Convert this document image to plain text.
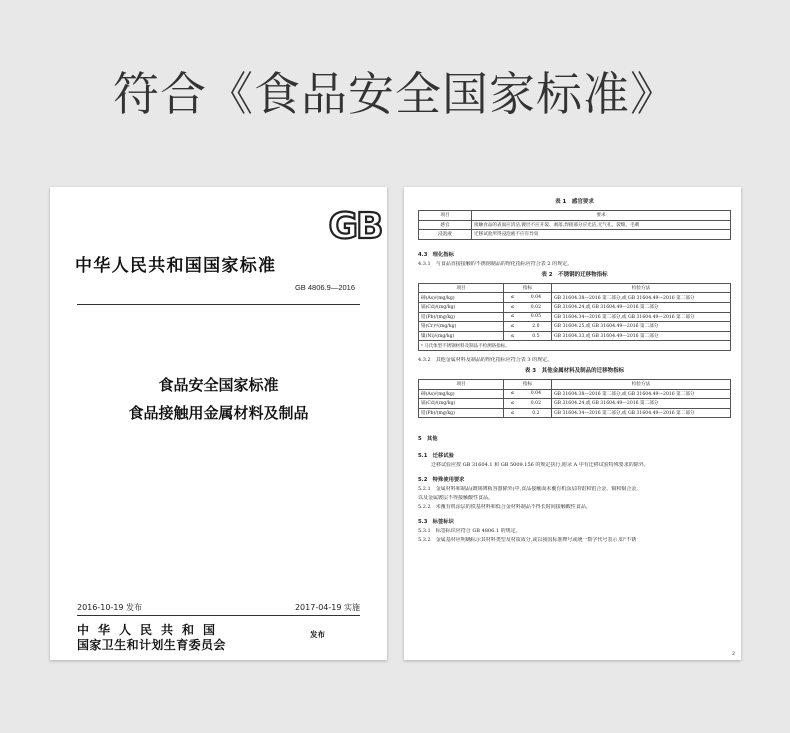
符合《食品安全国家标准》
GB
中华人民共和国国家标准
GB 4806.9—2016
食品安全国家标准
食品接触用金属材料及制品
2016-10-19 发布	2017-04-19 实施
中华人民共和国
国家卫生和计划生育委员会
发布
表 1　感官要求
项目	要求
感官	接触食品的表面应清洁,镀层不应开裂、剥落,焊接部分应光洁,无气孔、裂缝、毛刺
浸泡液	迁移试验所得浸泡液不应有异臭
4.3　理化指标
4.3.1　与食品直接接触的不锈钢制品的理化指标应符合表 2 的规定。
表 2　不锈钢的迁移物指标
项目	指标		检验方法
砷(As)/(mg/kg)	≤	0.04	GB 31604.38—2016 第二部分,或 GB 31604.49—2016 第二部分
镉(Cd)/(mg/kg)	≤	0.02	GB 31604.24,或 GB 31604.49—2016 第二部分
铅(Pb)/(mg/kg)	≤	0.05	GB 31604.34—2016 第二部分,或 GB 31604.49—2016 第二部分
铬(Cr)ᵃ/(mg/kg)	≤	2.0	GB 31604.25,或 GB 31604.49—2016 第二部分
镍(Ni)/(mg/kg)	≤	0.5	GB 31604.33,或 GB 31604.49—2016 第二部分
ᵃ 马氏体型不锈钢材料及制品不检测铬指标。			
4.3.2　其他金属材料及制品的理化指标应符合表 3 的规定。
表 3　其他金属材料及制品的迁移物指标
项目	指标		检验方法
砷(As)/(mg/kg)	≤	0.04	GB 31604.38—2016 第二部分,或 GB 31604.49—2016 第二部分
镉(Cd)/(mg/kg)	≤	0.02	GB 31604.24,或 GB 31604.49—2016 第二部分
铅(Pb)/(mg/kg)	≤	0.2	GB 31604.34—2016 第二部分,或 GB 31604.49—2016 第二部分
5　其他
5.1　迁移试验
迁移试验应按 GB 31604.1 和 GB 5009.156 的规定执行,附录 A 中有迁移试验特殊要求的除外。
5.2　特殊使用要求
5.2.1　金属材料和制品(镀锡薄板容器除外)中,食品接触面未覆有机涂层的铝和铝合金、铜和铜合金,
以及金属镀层不得接触酸性食品。
5.2.2　未覆有机涂层的铁基材料和低合金材料制品不得长时间接触酸性食品。
5.3　标签标识
5.3.1　标签标识应符合 GB 4806.1 的规定。
5.3.2　金属基材应明确标示其材料类型及材质成分,或以我国标准牌号或统一数字代号表示,如"不锈
2
